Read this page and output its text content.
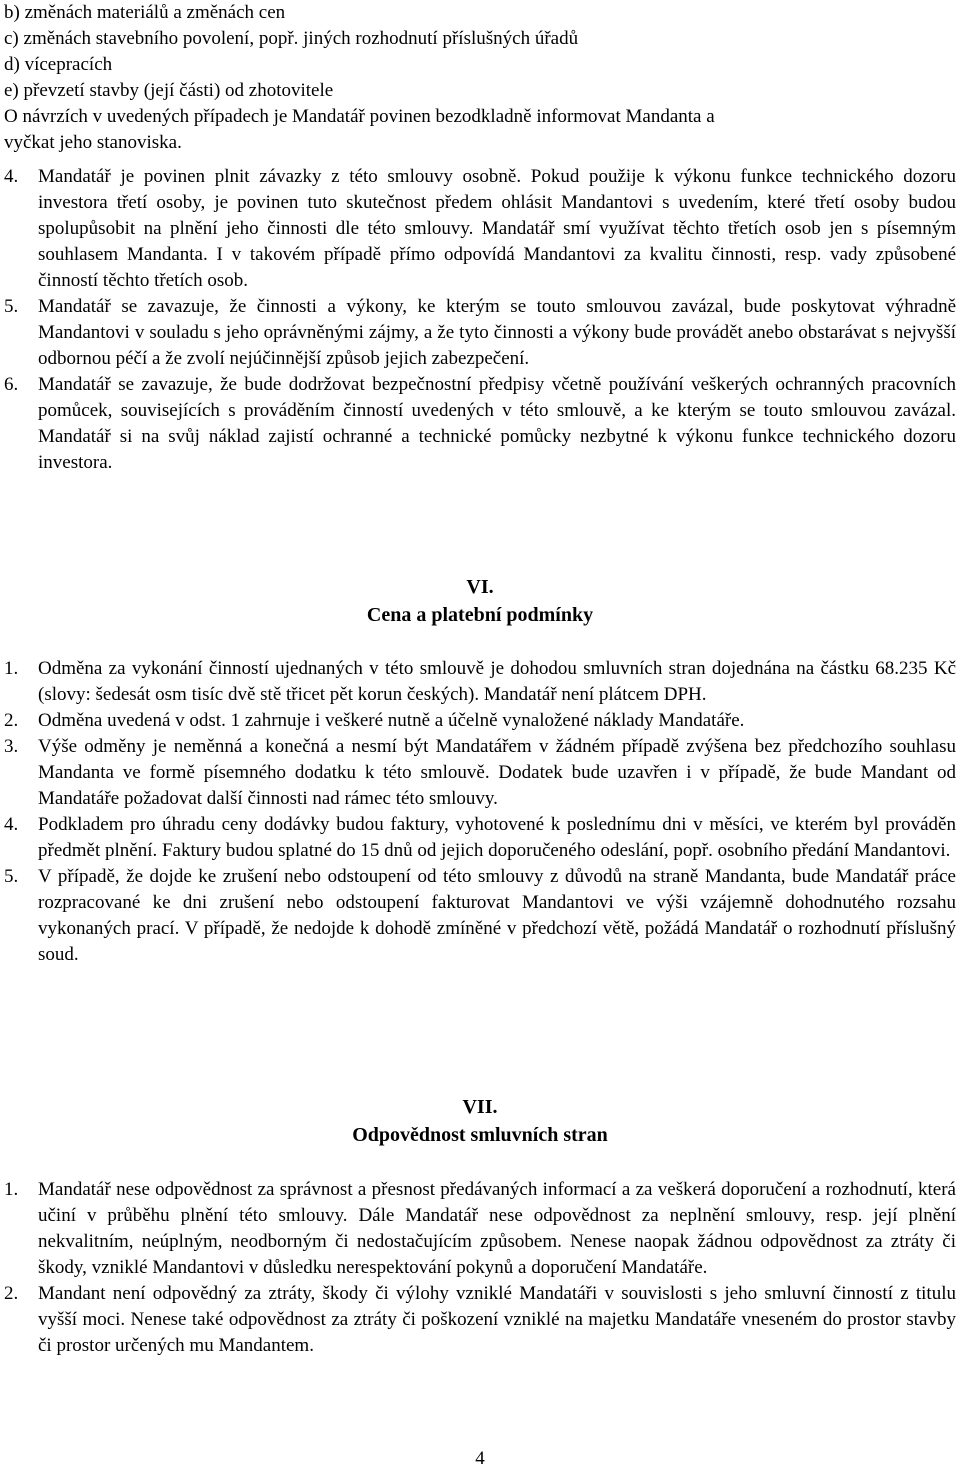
b) změnách materiálů a změnách cen
c) změnách stavebního povolení, popř. jiných rozhodnutí příslušných úřadů
d) vícepracích
e) převzetí stavby (její části) od zhotovitele
O návrzích v uvedených případech je Mandatář povinen bezodkladně informovat Mandanta a
vyčkat jeho stanoviska.
4. Mandatář je povinen plnit závazky z této smlouvy osobně. Pokud použije k výkonu funkce technického dozoru investora třetí osoby, je povinen tuto skutečnost předem ohlásit Mandantovi s uvedením, které třetí osoby budou spolupůsobit na plnění jeho činnosti dle této smlouvy. Mandatář smí využívat těchto třetích osob jen s písemným souhlasem Mandanta. I v takovém případě přímo odpovídá Mandantovi za kvalitu činnosti, resp. vady způsobené činností těchto třetích osob.
5. Mandatář se zavazuje, že činnosti a výkony, ke kterým se touto smlouvou zavázal, bude poskytovat výhradně Mandantovi v souladu s jeho oprávněnými zájmy, a že tyto činnosti a výkony bude provádět anebo obstarávat s nejvyšší odbornou péčí a že zvolí nejúčinnější způsob jejich zabezpečení.
6. Mandatář se zavazuje, že bude dodržovat bezpečnostní předpisy včetně používání veškerých ochranných pracovních pomůcek, souvisejících s prováděním činností uvedených v této smlouvě, a ke kterým se touto smlouvou zavázal. Mandatář si na svůj náklad zajistí ochranné a technické pomůcky nezbytné k výkonu funkce technického dozoru investora.
VI.
Cena a platební podmínky
1. Odměna za vykonání činností ujednaných v této smlouvě je dohodou smluvních stran dojednána na částku 68.235 Kč (slovy: šedesát osm tisíc dvě stě třicet pět korun českých). Mandatář není plátcem DPH.
2. Odměna uvedená v odst. 1 zahrnuje i veškeré nutně a účelně vynaložené náklady Mandatáře.
3. Výše odměny je neměnná a konečná a nesmí být Mandatářem v žádném případě zvýšena bez předchozího souhlasu Mandanta ve formě písemného dodatku k této smlouvě. Dodatek bude uzavřen i v případě, že bude Mandant od Mandatáře požadovat další činnosti nad rámec této smlouvy.
4. Podkladem pro úhradu ceny dodávky budou faktury, vyhotovené k poslednímu dni v měsíci, ve kterém byl prováděn předmět plnění. Faktury budou splatné do 15 dnů od jejich doporučeného odeslání, popř. osobního předání Mandantovi.
5. V případě, že dojde ke zrušení nebo odstoupení od této smlouvy z důvodů na straně Mandanta, bude Mandatář práce rozpracované ke dni zrušení nebo odstoupení fakturovat Mandantovi ve výši vzájemně dohodnutého rozsahu vykonaných prací. V případě, že nedojde k dohodě zmíněné v předchozí větě, požádá Mandatář o rozhodnutí příslušný soud.
VII.
Odpovědnost smluvních stran
1. Mandatář nese odpovědnost za správnost a přesnost předávaných informací a za veškerá doporučení a rozhodnutí, která učiní v průběhu plnění této smlouvy. Dále Mandatář nese odpovědnost za neplnění smlouvy, resp. její plnění nekvalitním, neúplným, neodborným či nedostačujícím způsobem. Nenese naopak žádnou odpovědnost za ztráty či škody, vzniklé Mandantovi v důsledku nerespektování pokynů a doporučení Mandatáře.
2. Mandant není odpovědný za ztráty, škody či výlohy vzniklé Mandatáři v souvislosti s jeho smluvní činností z titulu vyšší moci. Nenese také odpovědnost za ztráty či poškození vzniklé na majetku Mandatáře vneseném do prostor stavby či prostor určených mu Mandantem.
4
